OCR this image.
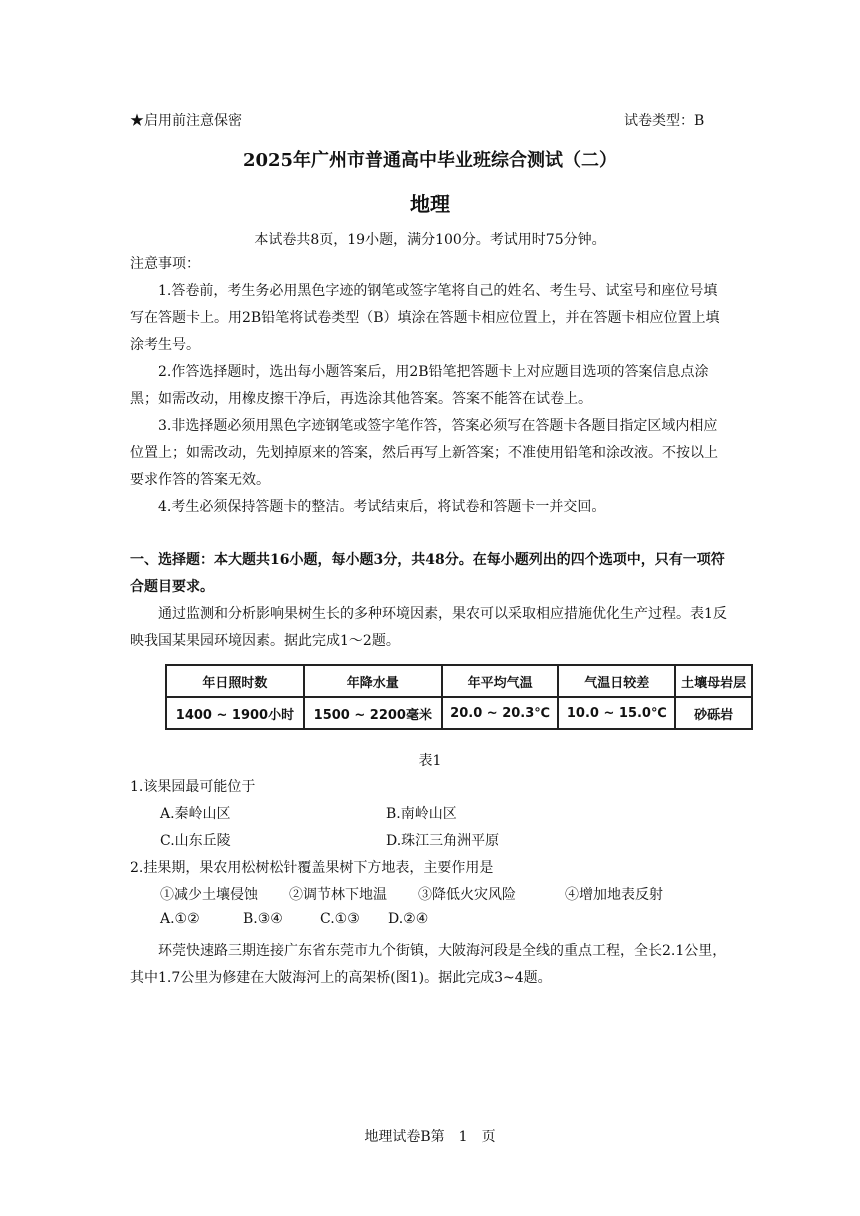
★启用前注意保密	试卷类型：B
2025年广州市普通高中毕业班综合测试（二）
地理
本试卷共8页，19小题，满分100分。考试用时75分钟。
注意事项：
1.答卷前，考生务必用黑色字迹的钢笔或签字笔将自己的姓名、考生号、试室号和座位号填写在答题卡上。用2B铅笔将试卷类型（B）填涂在答题卡相应位置上，并在答题卡相应位置上填涂考生号。
2.作答选择题时，选出每小题答案后，用2B铅笔把答题卡上对应题目选项的答案信息点涂黑；如需改动，用橡皮擦干净后，再选涂其他答案。答案不能答在试卷上。
3.非选择题必须用黑色字迹钢笔或签字笔作答，答案必须写在答题卡各题目指定区域内相应位置上；如需改动，先划掉原来的答案，然后再写上新答案；不准使用铅笔和涂改液。不按以上要求作答的答案无效。
4.考生必须保持答题卡的整洁。考试结束后，将试卷和答题卡一并交回。
一、选择题：本大题共16小题，每小题3分，共48分。在每小题列出的四个选项中，只有一项符合题目要求。
通过监测和分析影响果树生长的多种环境因素，果农可以采取相应措施优化生产过程。表1反映我国某果园环境因素。据此完成1～2题。
年日照时数	年降水量	年平均气温	气温日较差	土壤母岩层
1400 ~ 1900小时	1500 ~ 2200毫米	20.0 ~ 20.3℃	10.0 ~ 15.0℃	砂砾岩
表1
1.该果园最可能位于
A.秦岭山区	B.南岭山区
C.山东丘陵	D.珠江三角洲平原
2.挂果期，果农用松树松针覆盖果树下方地表，主要作用是
①减少土壤侵蚀 ②调节林下地温 ③降低火灾风险	④增加地表反射
A.①②	B.③④	C.①③ D.②④
环莞快速路三期连接广东省东莞市九个街镇，大陂海河段是全线的重点工程，全长2.1公里，其中1.7公里为修建在大陂海河上的高架桥(图1)。据此完成3~4题。
地理试卷B第　1　页
